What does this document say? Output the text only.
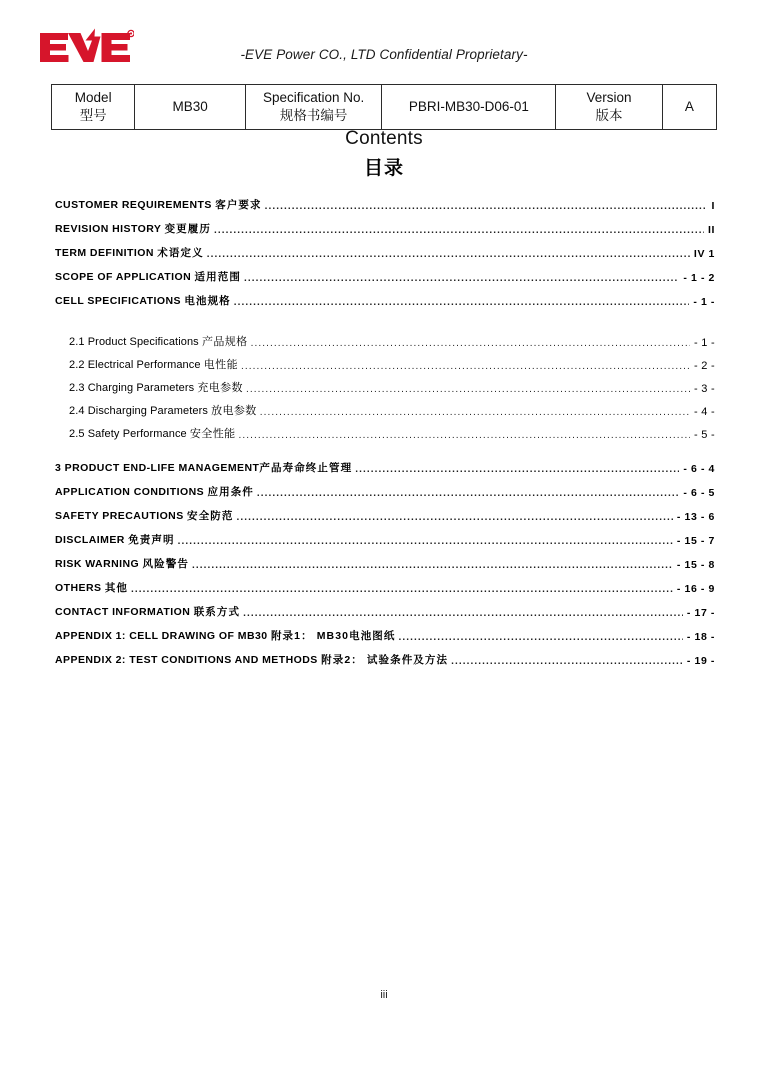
-EVE Power CO., LTD Confidential Proprietary-
Model
型号
	MB30	Specification No.
规格书编号
	PBRI-MB30-D06-01	Version
版本
	A
Contents
目录
CUSTOMER REQUIREMENTS 客户要求 .....	I
REVISION HISTORY 变更履历 .....	II
TERM DEFINITION 术语定义 .....	IV 1
SCOPE OF APPLICATION 适用范围 .....	- 1 - 2
CELL SPECIFICATIONS 电池规格 .....	- 1 -
2.1 Product Specifications 产品规格 .....	- 1 -
2.2 Electrical Performance 电性能 .....	- 2 -
2.3 Charging Parameters 充电参数 .....	- 3 -
2.4 Discharging Parameters 放电参数 .....	- 4 -
2.5 Safety Performance 安全性能 .....	- 5 -
3 PRODUCT END-LIFE MANAGEMENT产品寿命终止管理 .....	- 6 - 4
APPLICATION CONDITIONS 应用条件 .....	- 6 - 5
SAFETY PRECAUTIONS 安全防范 .....	- 13 - 6
DISCLAIMER 免责声明 .....	- 15 - 7
RISK WARNING 风险警告 .....	- 15 - 8
OTHERS 其他 .....	- 16 - 9
CONTACT INFORMATION 联系方式 .....	- 17 -
APPENDIX 1: CELL DRAWING OF MB30 附录1： MB30电池图纸 .....	- 18 -
APPENDIX 2: TEST CONDITIONS AND METHODS 附录2： 试验条件及方法 .....	- 19 -
iii
